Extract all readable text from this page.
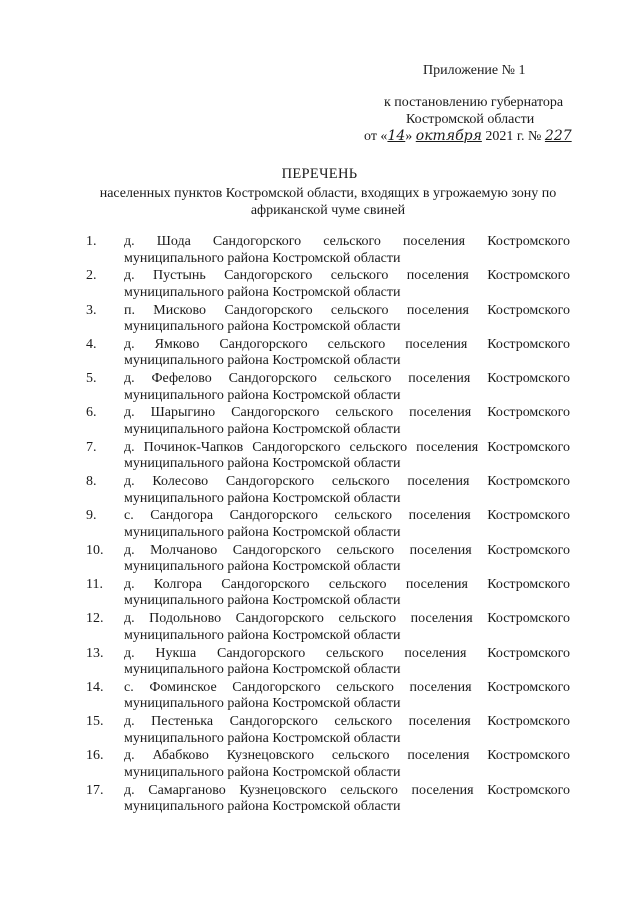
Приложение № 1
к постановлению губернатора
Костромской области
от «14» октября 2021 г. № 227
ПЕРЕЧЕНЬ
населенных пунктов Костромской области, входящих в угрожаемую зону по африканской чуме свиней
1. д. Шода Сандогорского сельского поселения Костромского муниципального района Костромской области
2. д. Пустынь Сандогорского сельского поселения Костромского муниципального района Костромской области
3. п. Мисково Сандогорского сельского поселения Костромского муниципального района Костромской области
4. д. Ямково Сандогорского сельского поселения Костромского муниципального района Костромской области
5. д. Фефелово Сандогорского сельского поселения Костромского муниципального района Костромской области
6. д. Шарыгино Сандогорского сельского поселения Костромского муниципального района Костромской области
7. д. Починок-Чапков Сандогорского сельского поселения Костромского муниципального района Костромской области
8. д. Колесово Сандогорского сельского поселения Костромского муниципального района Костромской области
9. с. Сандогора Сандогорского сельского поселения Костромского муниципального района Костромской области
10. д. Молчаново Сандогорского сельского поселения Костромского муниципального района Костромской области
11. д. Колгора Сандогорского сельского поселения Костромского муниципального района Костромской области
12. д. Подольново Сандогорского сельского поселения Костромского муниципального района Костромской области
13. д. Нукша Сандогорского сельского поселения Костромского муниципального района Костромской области
14. с. Фоминское Сандогорского сельского поселения Костромского муниципального района Костромской области
15. д. Пестенька Сандогорского сельского поселения Костромского муниципального района Костромской области
16. д. Абабково Кузнецовского сельского поселения Костромского муниципального района Костромской области
17. д. Самарганово Кузнецовского сельского поселения Костромского муниципального района Костромской области
